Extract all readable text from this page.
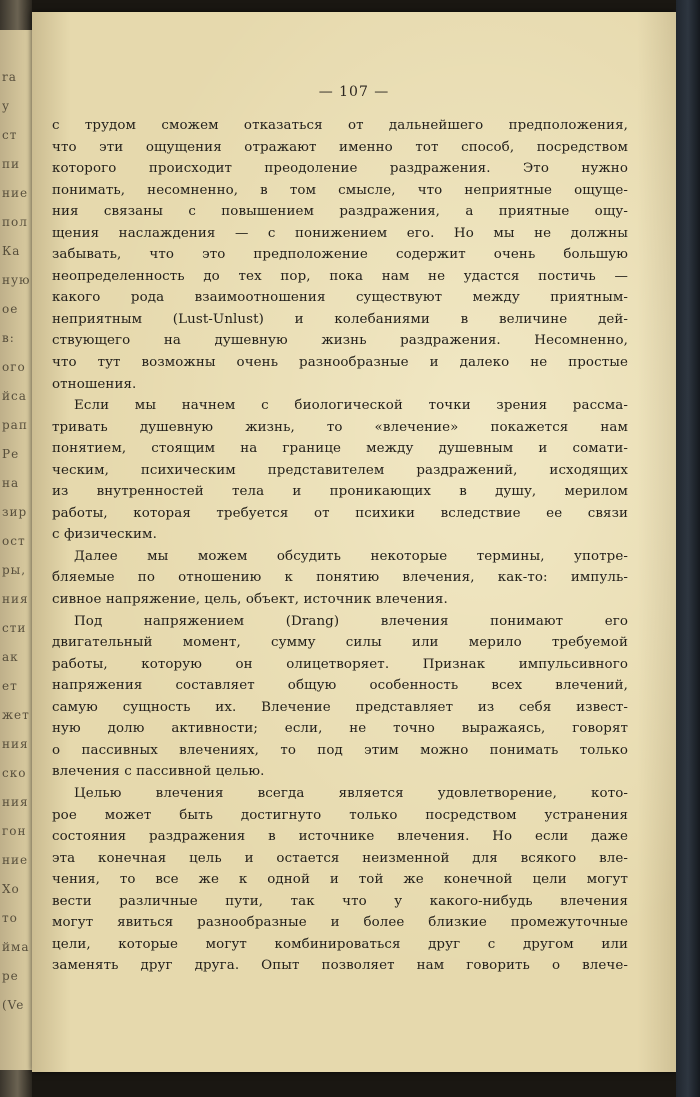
ra
у
ст
пи
ние
пол
Ка
ную
ое
в:
ого
йса
рап
Ре
на
зир
ост
ры,
ния
сти
ак
ет
жет
ния
ско
ния
гон
ние
Хо
то
йма
ре
(Ve
— 107 —
с трудом сможем отказаться от дальнейшего предположения,
что эти ощущения отражают именно тот способ, посредством
которого происходит преодоление раздражения. Это нужно
понимать, несомненно, в том смысле, что неприятные ощуще-
ния связаны с повышением раздражения, а приятные ощу-
щения наслаждения — с понижением его. Но мы не должны
забывать, что это предположение содержит очень большую
неопределенность до тех пор, пока нам не удастся постичь —
какого рода взаимоотношения существуют между приятным-
неприятным (Lust-Unlust) и колебаниями в величине дей-
ствующего на душевную жизнь раздражения. Несомненно,
что тут возможны очень разнообразные и далеко не простые
отношения.
Если мы начнем с биологической точки зрения рассма-
тривать душевную жизнь, то «влечение» покажется нам
понятием, стоящим на границе между душевным и сомати-
ческим, психическим представителем раздражений, исходящих
из внутренностей тела и проникающих в душу, мерилом
работы, которая требуется от психики вследствие ее связи
с физическим.
Далее мы можем обсудить некоторые термины, употре-
бляемые по отношению к понятию влечения, как-то: импуль-
сивное напряжение, цель, объект, источник влечения.
Под напряжением (Drang) влечения понимают его
двигательный момент, сумму силы или мерило требуемой
работы, которую он олицетворяет. Признак импульсивного
напряжения составляет общую особенность всех влечений,
самую сущность их. Влечение представляет из себя извест-
ную долю активности; если, не точно выражаясь, говорят
о пассивных влечениях, то под этим можно понимать только
влечения с пассивной целью.
Целью влечения всегда является удовлетворение, кото-
рое может быть достигнуто только посредством устранения
состояния раздражения в источнике влечения. Но если даже
эта конечная цель и остается неизменной для всякого вле-
чения, то все же к одной и той же конечной цели могут
вести различные пути, так что у какого-нибудь влечения
могут явиться разнообразные и более близкие промежуточные
цели, которые могут комбинироваться друг с другом или
заменять друг друга. Опыт позволяет нам говорить о влече-
